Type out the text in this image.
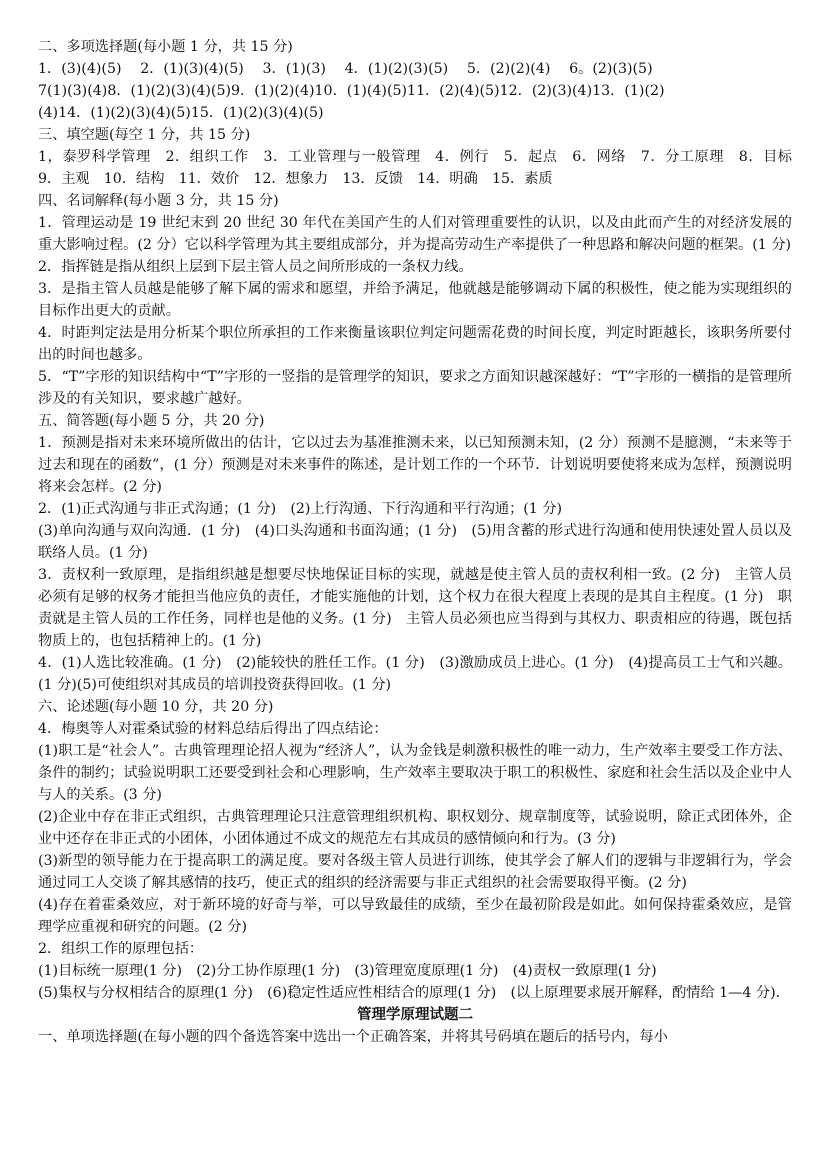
二、多项选择题(每小题 1 分，共 15 分)
1．(3)(4)(5)　 2．(1)(3)(4)(5)　 3．(1)(3)　 4．(1)(2)(3)(5)　 5．(2)(2)(4)　 6。(2)(3)(5)
7(1)(3)(4)8．(1)(2)(3)(4)(5)9．(1)(2)(4)10．(1)(4)(5)11．(2)(4)(5)12．(2)(3)(4)13．(1)(2)
(4)14．(1)(2)(3)(4)(5)15．(1)(2)(3)(4)(5)
三、填空题(每空 1 分，共 15 分)
1，泰罗科学管理　2．组织工作　3．工业管理与一般管理　4．例行　5．起点　6．网络　7．分工原理　8．目标　9．主观　10．结构　11．效价　12．想象力　13．反馈　14．明确　15．素质
四、名词解释(每小题 3 分，共 15 分)
1．管理运动是 19 世纪末到 20 世纪 30 年代在美国产生的人们对管理重要性的认识，以及由此而产生的对经济发展的重大影响过程。(2 分）它以科学管理为其主要组成部分，并为提高劳动生产率提供了一种思路和解决问题的框架。(1 分)
2．指挥链是指从组织上层到下层主管人员之间所形成的一条权力线。
3．是指主管人员越是能够了解下属的需求和愿望，并给予满足，他就越是能够调动下属的积极性，使之能为实现组织的目标作出更大的贡献。
4．时距判定法是用分析某个职位所承担的工作来衡量该职位判定问题需花费的时间长度，判定时距越长，该职务所要付出的时间也越多。
5．“T”字形的知识结构中“T”字形的一竖指的是管理学的知识，要求之方面知识越深越好：“T”字形的一横指的是管理所涉及的有关知识，要求越广越好。
五、简答题(每小题 5 分，共 20 分)
1．预测是指对未来环境所做出的估计，它以过去为基准推测未来，以已知预测未知，(2 分）预测不是臆测，“未来等于过去和现在的函数”，(1 分）预测是对未来事件的陈述，是计划工作的一个环节．计划说明要使将来成为怎样，预测说明将来会怎样。(2 分)
2．(1)正式沟通与非正式沟通；(1 分)　(2)上行沟通、下行沟通和平行沟通；(1 分)
(3)单向沟通与双向沟通．(1 分)　(4)口头沟通和书面沟通；(1 分)　(5)用含蓄的形式进行沟通和使用快速处置人员以及联络人员。(1 分)
3．责权利一致原理，是指组织越是想要尽快地保证目标的实现，就越是使主管人员的责权利相一致。(2 分)　主管人员必须有足够的权务才能担当他应负的责任，才能实施他的计划，这个权力在很大程度上表现的是其自主程度。(1 分)　职责就是主管人员的工作任务，同样也是他的义务。(1 分)　主管人员必须也应当得到与其权力、职责相应的待遇，既包括物质上的，也包括精神上的。(1 分)
4．(1)人选比较准确。(1 分)　(2)能较快的胜任工作。(1 分)　(3)激励成员上进心。(1 分)　(4)提高员工士气和兴趣。(1 分)(5)可使组织对其成员的培训投资获得回收。(1 分)
六、论述题(每小题 10 分，共 20 分)
4．梅奥等人对霍桑试验的材料总结后得出了四点结论：
(1)职工是“社会人”。古典管理理论招人视为“经济人”，认为金钱是刺激积极性的唯一动力，生产效率主要受工作方法、条件的制约；试验说明职工还要受到社会和心理影响，生产效率主要取决于职工的积极性、家庭和社会生活以及企业中人与人的关系。(3 分)
(2)企业中存在非正式组织，古典管理理论只注意管理组织机构、职权划分、规章制度等，试验说明，除正式团体外，企业中还存在非正式的小团体，小团体通过不成文的规范左右其成员的感情倾向和行为。(3 分)
(3)新型的领导能力在于提高职工的满足度。要对各级主管人员进行训练，使其学会了解人们的逻辑与非逻辑行为，学会通过同工人交谈了解其感情的技巧，使正式的组织的经济需要与非正式组织的社会需要取得平衡。(2 分)
(4)存在着霍桑效应，对于新环境的好奇与举，可以导致最佳的成绩，至少在最初阶段是如此。如何保持霍桑效应，是管理学应重视和研究的问题。(2 分)
2．组织工作的原理包括：
(1)目标统一原理(1 分)　(2)分工协作原理(1 分)　(3)管理宽度原理(1 分)　(4)责权一致原理(1 分)
(5)集权与分权相结合的原理(1 分)　(6)稳定性适应性相结合的原理(1 分)　(以上原理要求展开解释，酌情给 1—4 分)．
管理学原理试题二
一、单项选择题(在每小题的四个备选答案中选出一个正确答案，并将其号码填在题后的括号内，每小
